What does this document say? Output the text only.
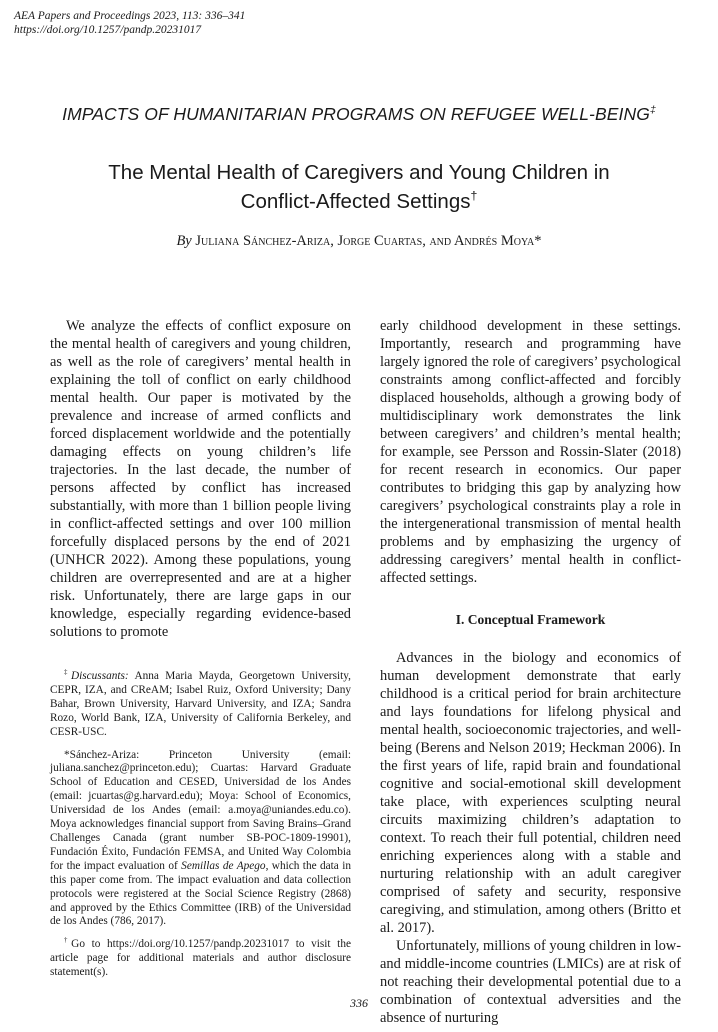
AEA Papers and Proceedings 2023, 113: 336–341
https://doi.org/10.1257/pandp.20231017
IMPACTS OF HUMANITARIAN PROGRAMS ON REFUGEE WELL-BEING‡
The Mental Health of Caregivers and Young Children in
Conflict-Affected Settings†
By Juliana Sánchez-Ariza, Jorge Cuartas, and Andrés Moya*

We analyze the effects of conflict exposure on the mental health of caregivers and young children, as well as the role of caregivers’ mental health in explaining the toll of conflict on early childhood mental health. Our paper is motivated by the prevalence and increase of armed conflicts and forced displacement worldwide and the potentially damaging effects on young children’s life trajectories. In the last decade, the number of persons affected by conflict has increased substantially, with more than 1 billion people living in conflict-affected settings and over 100 million forcefully displaced persons by the end of 2021 (UNHCR 2022). Among these populations, young children are overrepresented and are at a higher risk. Unfortunately, there are large gaps in our knowledge, especially regarding evidence-based solutions to promote

‡Discussants: Anna Maria Mayda, Georgetown University, CEPR, IZA, and CReAM; Isabel Ruiz, Oxford University; Dany Bahar, Brown University, Harvard University, and IZA; Sandra Rozo, World Bank, IZA, University of California Berkeley, and CESR-USC.

*Sánchez-Ariza: Princeton University (email: juliana.sanchez@princeton.edu); Cuartas: Harvard Graduate School of Education and CESED, Universidad de los Andes (email: jcuartas@g.harvard.edu); Moya: School of Economics, Universidad de los Andes (email: a.moya@uniandes.edu.co). Moya acknowledges financial support from Saving Brains–Grand Challenges Canada (grant number SB-POC-1809-19901), Fundación Éxito, Fundación FEMSA, and United Way Colombia for the impact evaluation of Semillas de Apego, which the data in this paper come from. The impact evaluation and data collection protocols were registered at the Social Science Registry (2868) and approved by the Ethics Committee (IRB) of the Universidad de los Andes (786, 2017).

†Go to https://doi.org/10.1257/pandp.20231017 to visit the article page for additional materials and author disclosure statement(s).

early childhood development in these settings. Importantly, research and programming have largely ignored the role of caregivers’ psychological constraints among conflict-affected and forcibly displaced households, although a growing body of multidisciplinary work demonstrates the link between caregivers’ and children’s mental health; for example, see Persson and Rossin-Slater (2018) for recent research in economics. Our paper contributes to bridging this gap by analyzing how caregivers’ psychological constraints play a role in the intergenerational transmission of mental health problems and by emphasizing the urgency of addressing caregivers’ mental health in conflict-affected settings.

I. Conceptual Framework

Advances in the biology and economics of human development demonstrate that early childhood is a critical period for brain architecture and lays foundations for lifelong physical and mental health, socioeconomic trajectories, and well-being (Berens and Nelson 2019; Heckman 2006). In the first years of life, rapid brain and foundational cognitive and social-emotional skill development take place, with experiences sculpting neural circuits maximizing children’s adaptation to context. To reach their full potential, children need enriching experiences along with a stable and nurturing relationship with an adult caregiver comprised of safety and security, responsive caregiving, and stimulation, among others (Britto et al. 2017).

Unfortunately, millions of young children in low- and middle-income countries (LMICs) are at risk of not reaching their developmental potential due to a combination of contextual adversities and the absence of nurturing

336
